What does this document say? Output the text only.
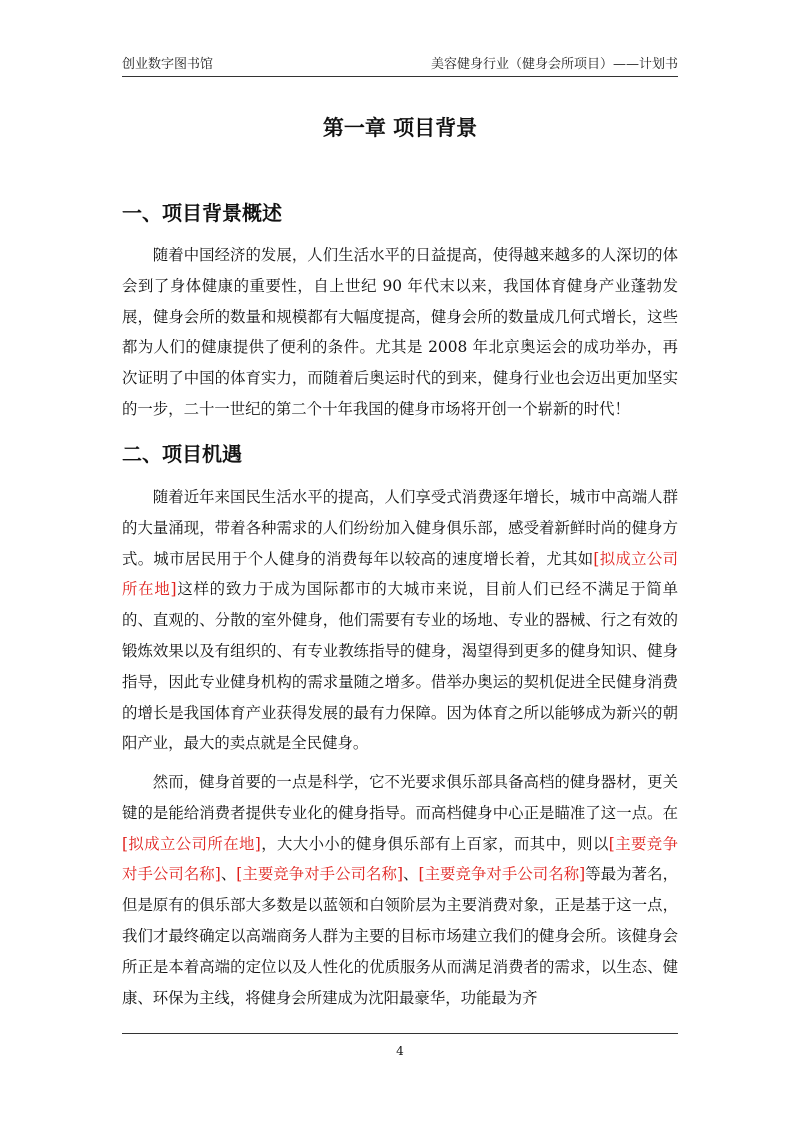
创业数字图书馆	美容健身行业（健身会所项目）——计划书
第一章 项目背景
一、项目背景概述

随着中国经济的发展，人们生活水平的日益提高，使得越来越多的人深切的体会到了身体健康的重要性，自上世纪 90 年代末以来，我国体育健身产业蓬勃发展，健身会所的数量和规模都有大幅度提高，健身会所的数量成几何式增长，这些都为人们的健康提供了便利的条件。尤其是 2008 年北京奥运会的成功举办，再次证明了中国的体育实力，而随着后奥运时代的到来，健身行业也会迈出更加坚实的一步，二十一世纪的第二个十年我国的健身市场将开创一个崭新的时代！

二、项目机遇

随着近年来国民生活水平的提高，人们享受式消费逐年增长，城市中高端人群的大量涌现，带着各种需求的人们纷纷加入健身俱乐部，感受着新鲜时尚的健身方式。城市居民用于个人健身的消费每年以较高的速度增长着，尤其如[拟成立公司所在地]这样的致力于成为国际都市的大城市来说，目前人们已经不满足于简单的、直观的、分散的室外健身，他们需要有专业的场地、专业的器械、行之有效的锻炼效果以及有组织的、有专业教练指导的健身，渴望得到更多的健身知识、健身指导，因此专业健身机构的需求量随之增多。借举办奥运的契机促进全民健身消费的增长是我国体育产业获得发展的最有力保障。因为体育之所以能够成为新兴的朝阳产业，最大的卖点就是全民健身。

然而，健身首要的一点是科学，它不光要求俱乐部具备高档的健身器材，更关键的是能给消费者提供专业化的健身指导。而高档健身中心正是瞄准了这一点。在[拟成立公司所在地]，大大小小的健身俱乐部有上百家，而其中，则以[主要竞争对手公司名称]、[主要竞争对手公司名称]、[主要竞争对手公司名称]等最为著名，但是原有的俱乐部大多数是以蓝领和白领阶层为主要消费对象，正是基于这一点，我们才最终确定以高端商务人群为主要的目标市场建立我们的健身会所。该健身会所正是本着高端的定位以及人性化的优质服务从而满足消费者的需求，以生态、健康、环保为主线，将健身会所建成为沈阳最豪华，功能最为齐

4
